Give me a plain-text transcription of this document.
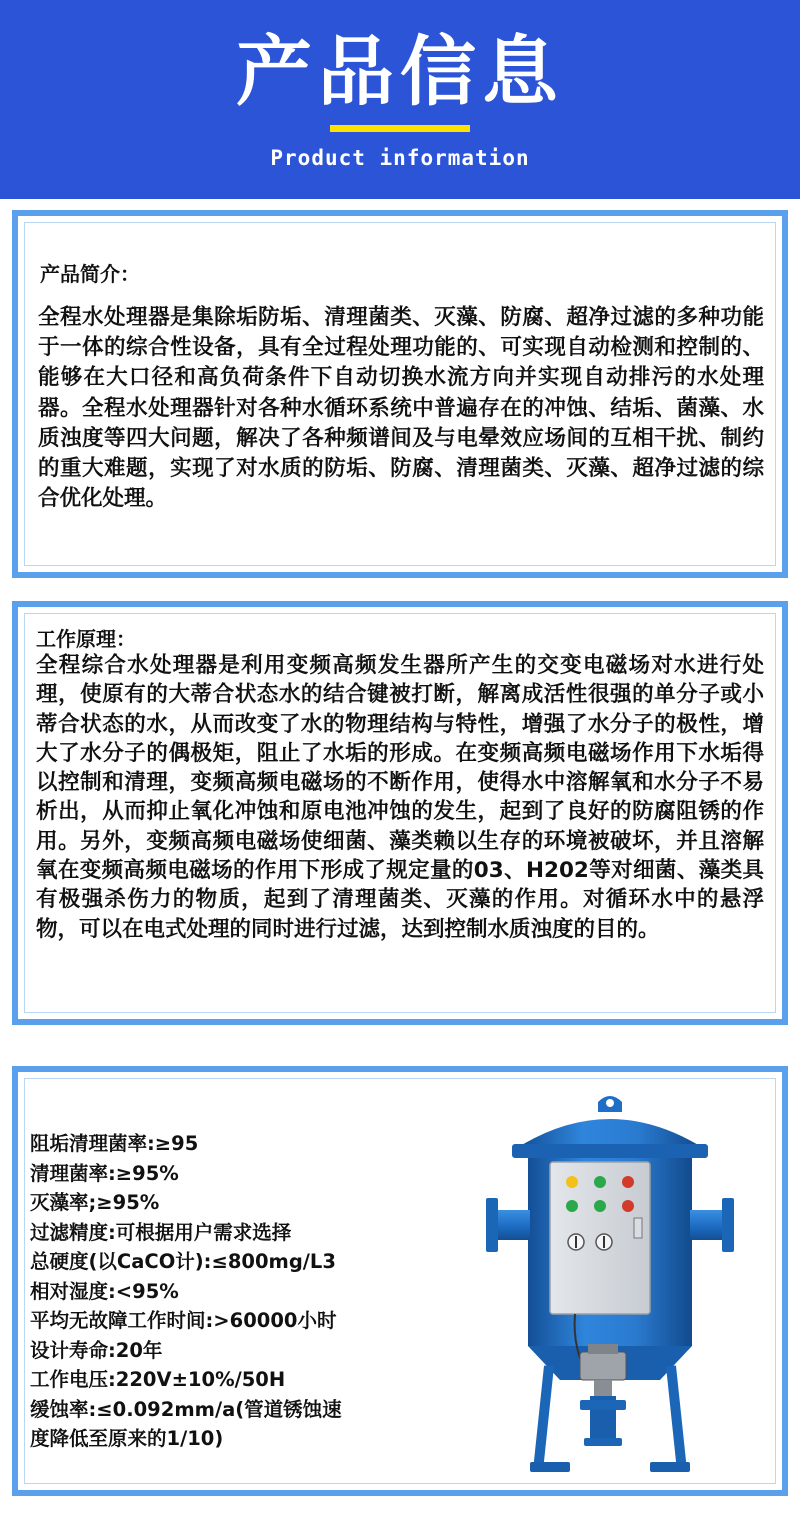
产品信息
Product information
产品简介：
全程水处理器是集除垢防垢、清理菌类、灭藻、防腐、超净过滤的多种功能于一体的综合性设备，具有全过程处理功能的、可实现自动检测和控制的、能够在大口径和高负荷条件下自动切换水流方向并实现自动排污的水处理器。全程水处理器针对各种水循环系统中普遍存在的冲蚀、结垢、菌藻、水质浊度等四大问题，解决了各种频谱间及与电晕效应场间的互相干扰、制约的重大难题，实现了对水质的防垢、防腐、清理菌类、灭藻、超净过滤的综合优化处理。
工作原理：
全程综合水处理器是利用变频高频发生器所产生的交变电磁场对水进行处理，使原有的大蒂合状态水的结合键被打断，解离成活性很强的单分子或小蒂合状态的水，从而改变了水的物理结构与特性，增强了水分子的极性，增大了水分子的偶极矩，阻止了水垢的形成。在变频高频电磁场作用下水垢得以控制和清理，变频高频电磁场的不断作用，使得水中溶解氧和水分子不易析出，从而抑止氧化冲蚀和原电池冲蚀的发生，起到了良好的防腐阻锈的作用。另外，变频高频电磁场使细菌、藻类赖以生存的环境被破坏，并且溶解氧在变频高频电磁场的作用下形成了规定量的03、H202等对细菌、藻类具有极强杀伤力的物质，起到了清理菌类、灭藻的作用。对循环水中的悬浮物，可以在电式处理的同时进行过滤，达到控制水质浊度的目的。
阻垢清理菌率:≥95
清理菌率:≥95%
灭藻率;≥95%
过滤精度:可根据用户需求选择
总硬度(以CaCO计):≤800mg/L3
相对湿度:<95%
平均无故障工作时间:>60000小时
设计寿命:20年
工作电压:220V±10%/50H
缓蚀率:≤0.092mm/a(管道锈蚀速
度降低至原来的1/10)
